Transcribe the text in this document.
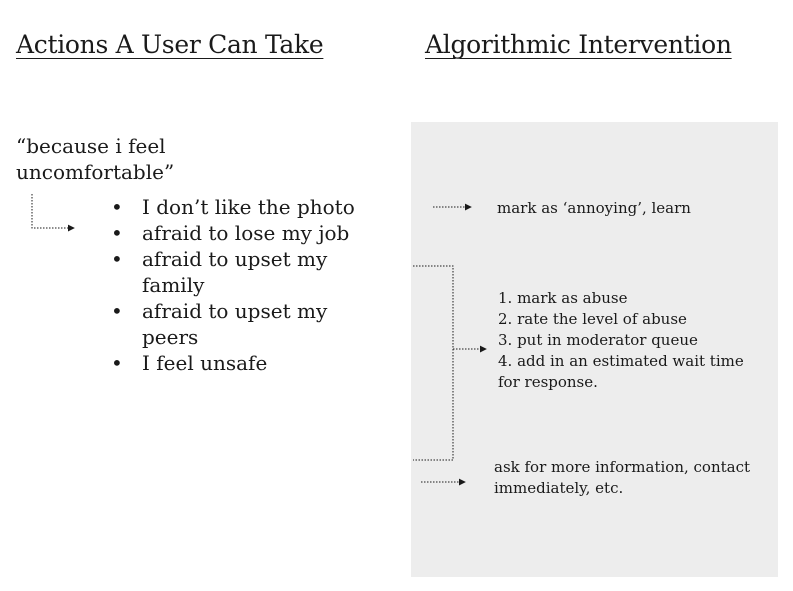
Actions A User Can Take	Algorithmic Intervention
“because i feel uncomfortable”
• I don’t like the photo
• afraid to lose my job
• afraid to upset my family
• afraid to upset my peers
• I feel unsafe
mark as ‘annoying’, learn
1. mark as abuse
2. rate the level of abuse
3. put in moderator queue
4. add in an estimated wait time for response.
ask for more information, contact immediately, etc.
